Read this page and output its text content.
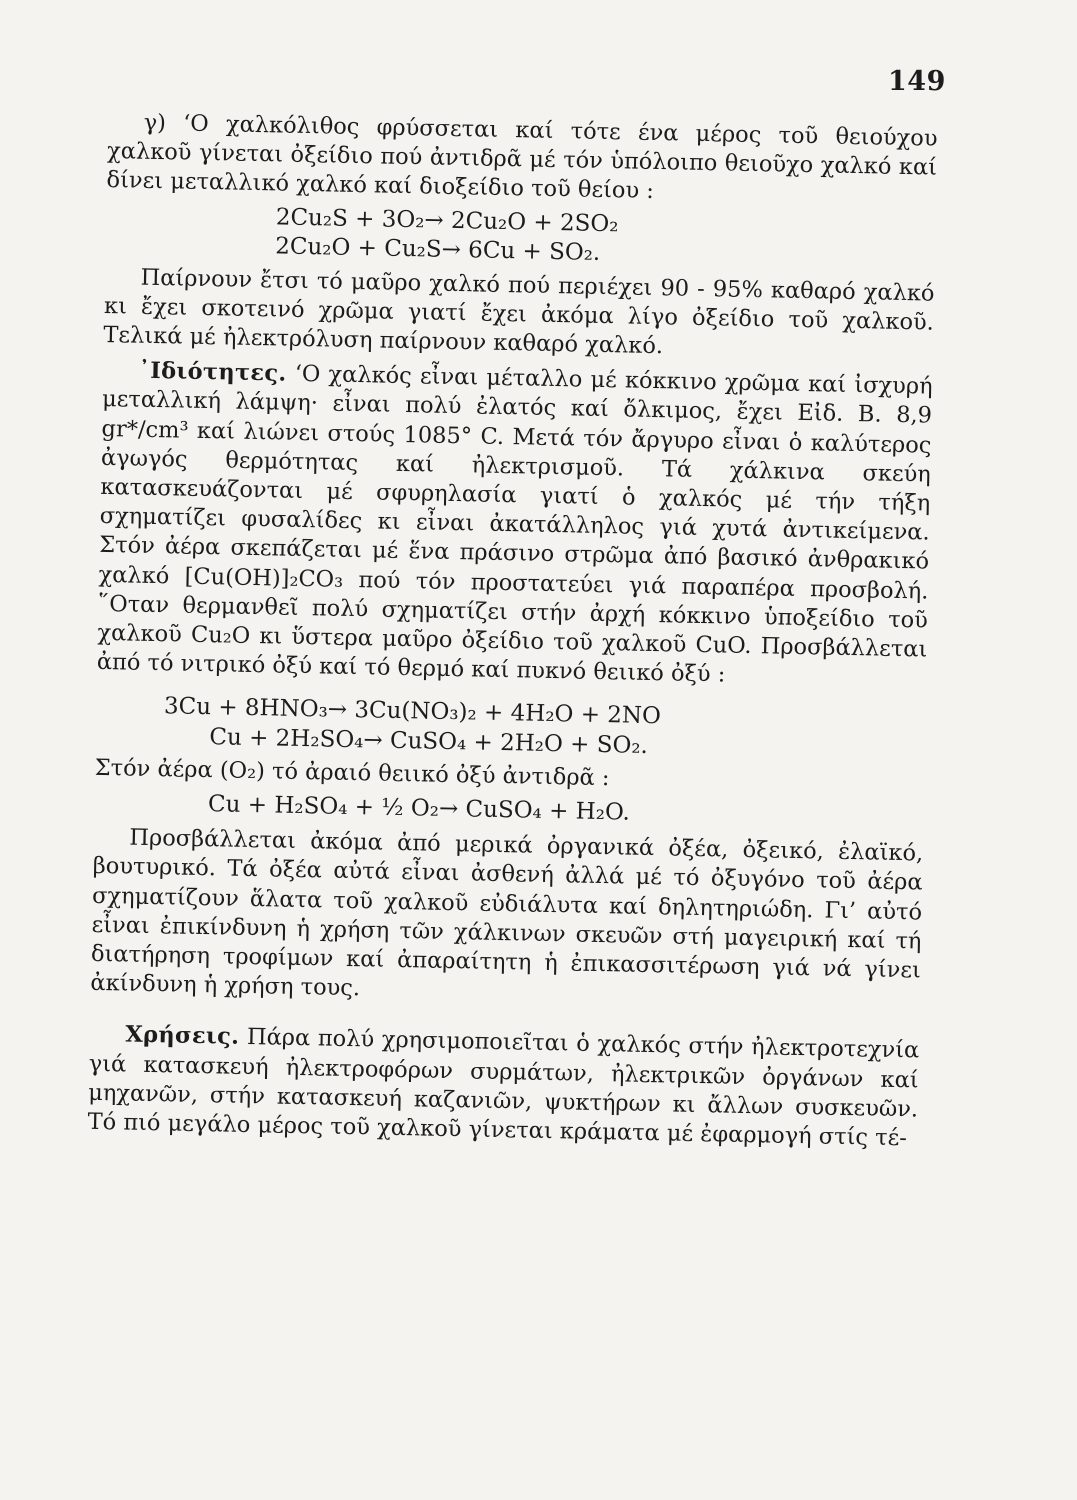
149

γ) ‘Ο χαλκόλιθος φρύσσεται καί τότε ένα μέρος τοῦ θειούχου χαλκοῦ γίνεται ὀξείδιο πού ἀντιδρᾶ μέ τόν ὑπόλοιπο θειοῦχο χαλκό καί δίνει μεταλλικό χαλκό καί διοξείδιο τοῦ θείου :

2Cu₂S + 3O₂→ 2Cu₂O + 2SO₂
2Cu₂O + Cu₂S→ 6Cu + SO₂.

Παίρνουν ἔτσι τό μαῦρο χαλκό πού περιέχει 90 - 95% καθαρό χαλκό κι ἔχει σκοτεινό χρῶμα γιατί ἔχει ἀκόμα λίγο ὀξείδιο τοῦ χαλκοῦ. Τελικά μέ ἠλεκτρόλυση παίρνουν καθαρό χαλκό.

᾿Ιδιότητες. ‘Ο χαλκός εἶναι μέταλλο μέ κόκκινο χρῶμα καί ἰσχυρή μεταλλική λάμψη· εἶναι πολύ ἐλατός καί ὄλκιμος, ἔχει Εἰδ. Β. 8,9 gr*/cm³ καί λιώνει στούς 1085° C. Μετά τόν ἄργυρο εἶναι ὁ καλύτερος ἀγωγός θερμότητας καί ἠλεκτρισμοῦ. Τά χάλκινα σκεύη κατασκευάζονται μέ σφυρηλασία γιατί ὁ χαλκός μέ τήν τήξη σχηματίζει φυσαλίδες κι εἶναι ἀκατάλληλος γιά χυτά ἀντικείμενα. Στόν ἀέρα σκεπάζεται μέ ἕνα πράσινο στρῶμα ἀπό βασικό ἀνθρακικό χαλκό [Cu(OH)]₂CO₃ πού τόν προστατεύει γιά παραπέρα προσβολή. ῞Οταν θερμανθεῖ πολύ σχηματίζει στήν ἀρχή κόκκινο ὑποξείδιο τοῦ χαλκοῦ Cu₂O κι ὕστερα μαῦρο ὀξείδιο τοῦ χαλκοῦ CuO. Προσβάλλεται ἀπό τό νιτρικό ὀξύ καί τό θερμό καί πυκνό θειικό ὀξύ :

3Cu + 8HNO₃→ 3Cu(NO₃)₂ + 4H₂O + 2NO
Cu + 2H₂SO₄→ CuSO₄ + 2H₂O + SO₂.

Στόν ἀέρα (O₂) τό ἀραιό θειικό ὀξύ ἀντιδρᾶ :

Cu + H₂SO₄ + ½ O₂→ CuSO₄ + H₂O.

Προσβάλλεται ἀκόμα ἀπό μερικά ὀργανικά ὀξέα, ὀξεικό, ἐλαϊκό, βουτυρικό. Τά ὀξέα αὐτά εἶναι ἀσθενή ἀλλά μέ τό ὀξυγόνο τοῦ ἀέρα σχηματίζουν ἅλατα τοῦ χαλκοῦ εὐδιάλυτα καί δηλητηριώδη. Γι’ αὐτό εἶναι ἐπικίνδυνη ἡ χρήση τῶν χάλκινων σκευῶν στή μαγειρική καί τή διατήρηση τροφίμων καί ἀπαραίτητη ἡ ἐπικασσιτέρωση γιά νά γίνει ἀκίνδυνη ἡ χρήση τους.

Χρήσεις. Πάρα πολύ χρησιμοποιεῖται ὁ χαλκός στήν ἠλεκτροτεχνία γιά κατασκευή ἠλεκτροφόρων συρμάτων, ἠλεκτρικῶν ὀργάνων καί μηχανῶν, στήν κατασκευή καζανιῶν, ψυκτήρων κι ἄλλων συσκευῶν. Τό πιό μεγάλο μέρος τοῦ χαλκοῦ γίνεται κράματα μέ ἐφαρμογή στίς τέ-
